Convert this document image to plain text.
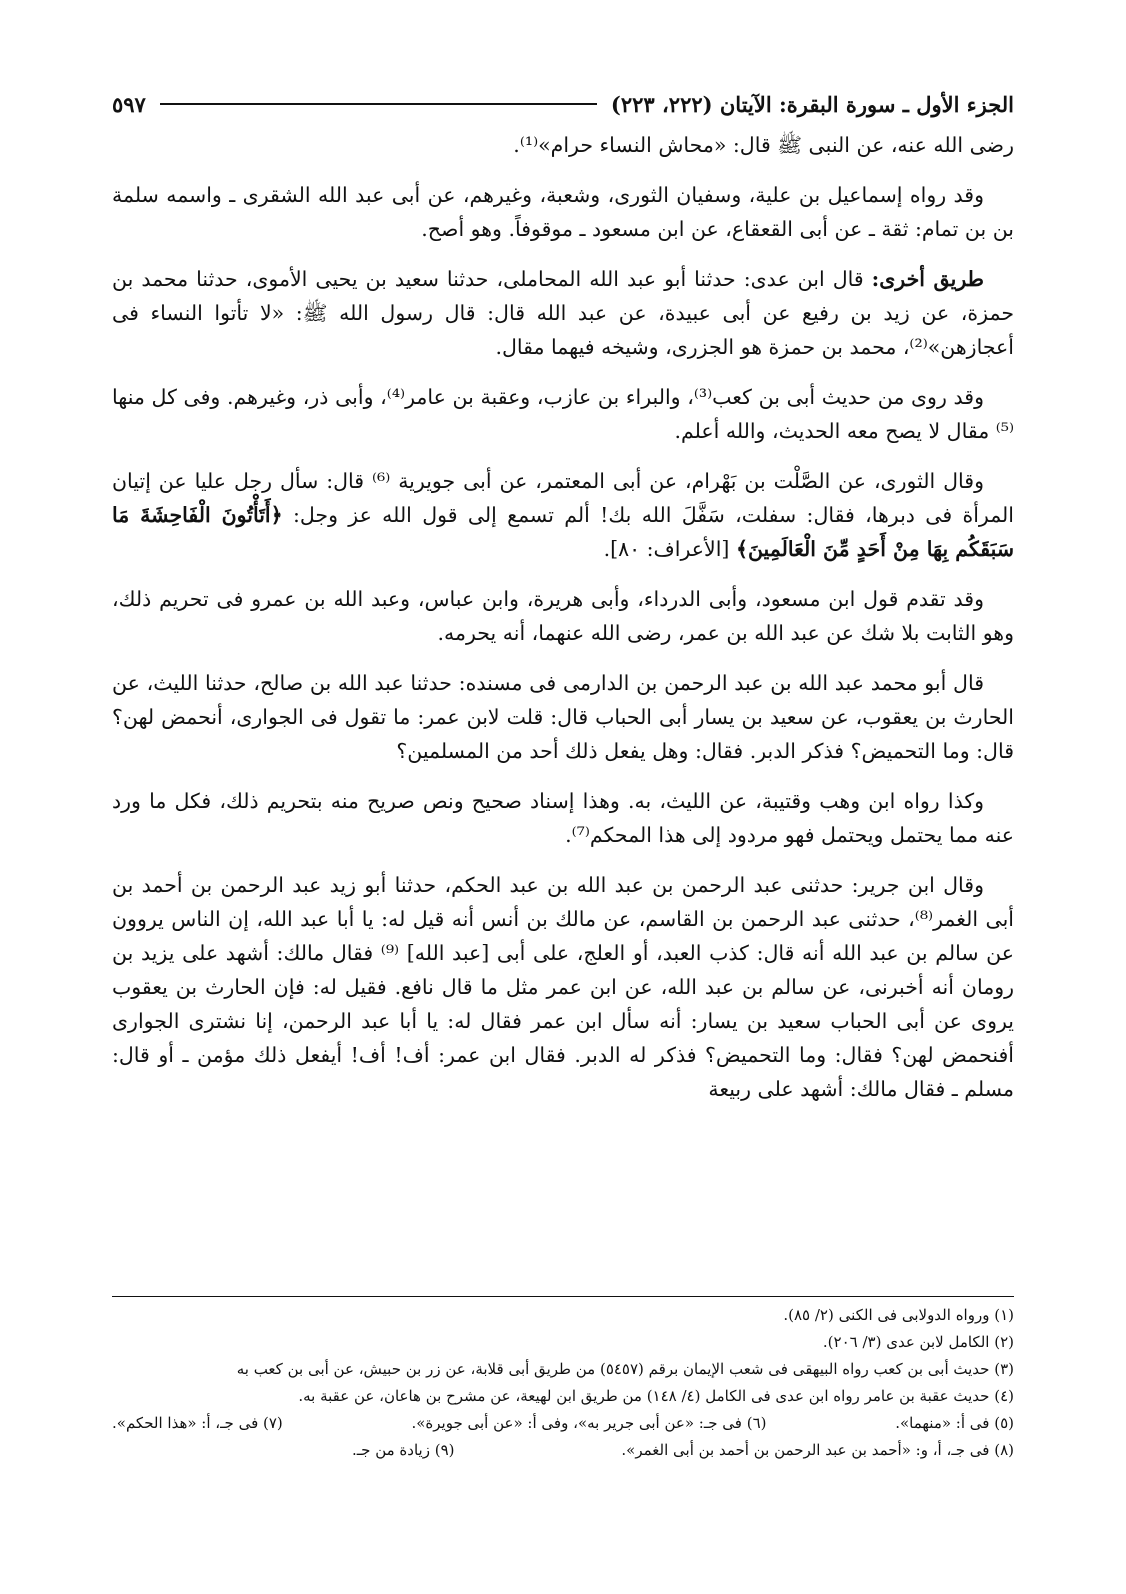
الجزء الأول ـ سورة البقرة: الآيتان (٢٢٢، ٢٢٣)
٥٩٧

رضى الله عنه، عن النبى ﷺ قال: «محاش النساء حرام»⁽¹⁾.

وقد رواه إسماعيل بن علية، وسفيان الثورى، وشعبة، وغيرهم، عن أبى عبد الله الشقرى ـ واسمه سلمة بن بن تمام: ثقة ـ عن أبى القعقاع، عن ابن مسعود ـ موقوفاً. وهو أصح.

طريق أخرى: قال ابن عدى: حدثنا أبو عبد الله المحاملى، حدثنا سعيد بن يحيى الأموى، حدثنا محمد بن حمزة، عن زيد بن رفيع عن أبى عبيدة، عن عبد الله قال: قال رسول الله ﷺ: «لا تأتوا النساء فى أعجازهن»⁽²⁾، محمد بن حمزة هو الجزرى، وشيخه فيهما مقال.

وقد روى من حديث أبى بن كعب⁽³⁾، والبراء بن عازب، وعقبة بن عامر⁽⁴⁾، وأبى ذر، وغيرهم. وفى كل منها ⁽⁵⁾ مقال لا يصح معه الحديث، والله أعلم.

وقال الثورى، عن الصَّلْت بن بَهْرام، عن أبى المعتمر، عن أبى جويرية ⁽⁶⁾ قال: سأل رجل عليا عن إتيان المرأة فى دبرها، فقال: سفلت، سَفَّلَ الله بك! ألم تسمع إلى قول الله عز وجل: ﴿أَتَأْتُونَ الْفَاحِشَةَ مَا سَبَقَكُم بِهَا مِنْ أَحَدٍ مِّنَ الْعَالَمِينَ﴾ [الأعراف: ٨٠].

وقد تقدم قول ابن مسعود، وأبى الدرداء، وأبى هريرة، وابن عباس، وعبد الله بن عمرو فى تحريم ذلك، وهو الثابت بلا شك عن عبد الله بن عمر، رضى الله عنهما، أنه يحرمه.

قال أبو محمد عبد الله بن عبد الرحمن بن الدارمى فى مسنده: حدثنا عبد الله بن صالح، حدثنا الليث، عن الحارث بن يعقوب، عن سعيد بن يسار أبى الحباب قال: قلت لابن عمر: ما تقول فى الجوارى، أنحمض لهن؟ قال: وما التحميض؟ فذكر الدبر. فقال: وهل يفعل ذلك أحد من المسلمين؟

وكذا رواه ابن وهب وقتيبة، عن الليث، به. وهذا إسناد صحيح ونص صريح منه بتحريم ذلك، فكل ما ورد عنه مما يحتمل ويحتمل فهو مردود إلى هذا المحكم⁽⁷⁾.

وقال ابن جرير: حدثنى عبد الرحمن بن عبد الله بن عبد الحكم، حدثنا أبو زيد عبد الرحمن بن أحمد بن أبى الغمر⁽⁸⁾، حدثنى عبد الرحمن بن القاسم، عن مالك بن أنس أنه قيل له: يا أبا عبد الله، إن الناس يروون عن سالم بن عبد الله أنه قال: كذب العبد، أو العلج، على أبى [عبد الله] ⁽⁹⁾ فقال مالك: أشهد على يزيد بن رومان أنه أخبرنى، عن سالم بن عبد الله، عن ابن عمر مثل ما قال نافع. فقيل له: فإن الحارث بن يعقوب يروى عن أبى الحباب سعيد بن يسار: أنه سأل ابن عمر فقال له: يا أبا عبد الرحمن، إنا نشترى الجوارى أفنحمض لهن؟ فقال: وما التحميض؟ فذكر له الدبر. فقال ابن عمر: أف! أف! أيفعل ذلك مؤمن ـ أو قال: مسلم ـ فقال مالك: أشهد على ربيعة

(١) ورواه الدولابى فى الكنى (٢/ ٨٥).
(٢) الكامل لابن عدى (٣/ ٢٠٦).
(٣) حديث أبى بن كعب رواه البيهقى فى شعب الإيمان برقم (٥٤٥٧) من طريق أبى قلابة، عن زر بن حبيش، عن أبى بن كعب به
(٤) حديث عقبة بن عامر رواه ابن عدى فى الكامل (٤/ ١٤٨) من طريق ابن لهيعة، عن مشرح بن هاعان، عن عقبة به.
(٥) فى أ: «منهما».
(٦) فى جـ: «عن أبى جرير به»، وفى أ: «عن أبى جويرة».
(٧) فى جـ، أ: «هذا الحكم».
(٨) فى جـ، أ، و: «أحمد بن عبد الرحمن بن أحمد بن أبى الغمر».
(٩) زيادة من جـ.
